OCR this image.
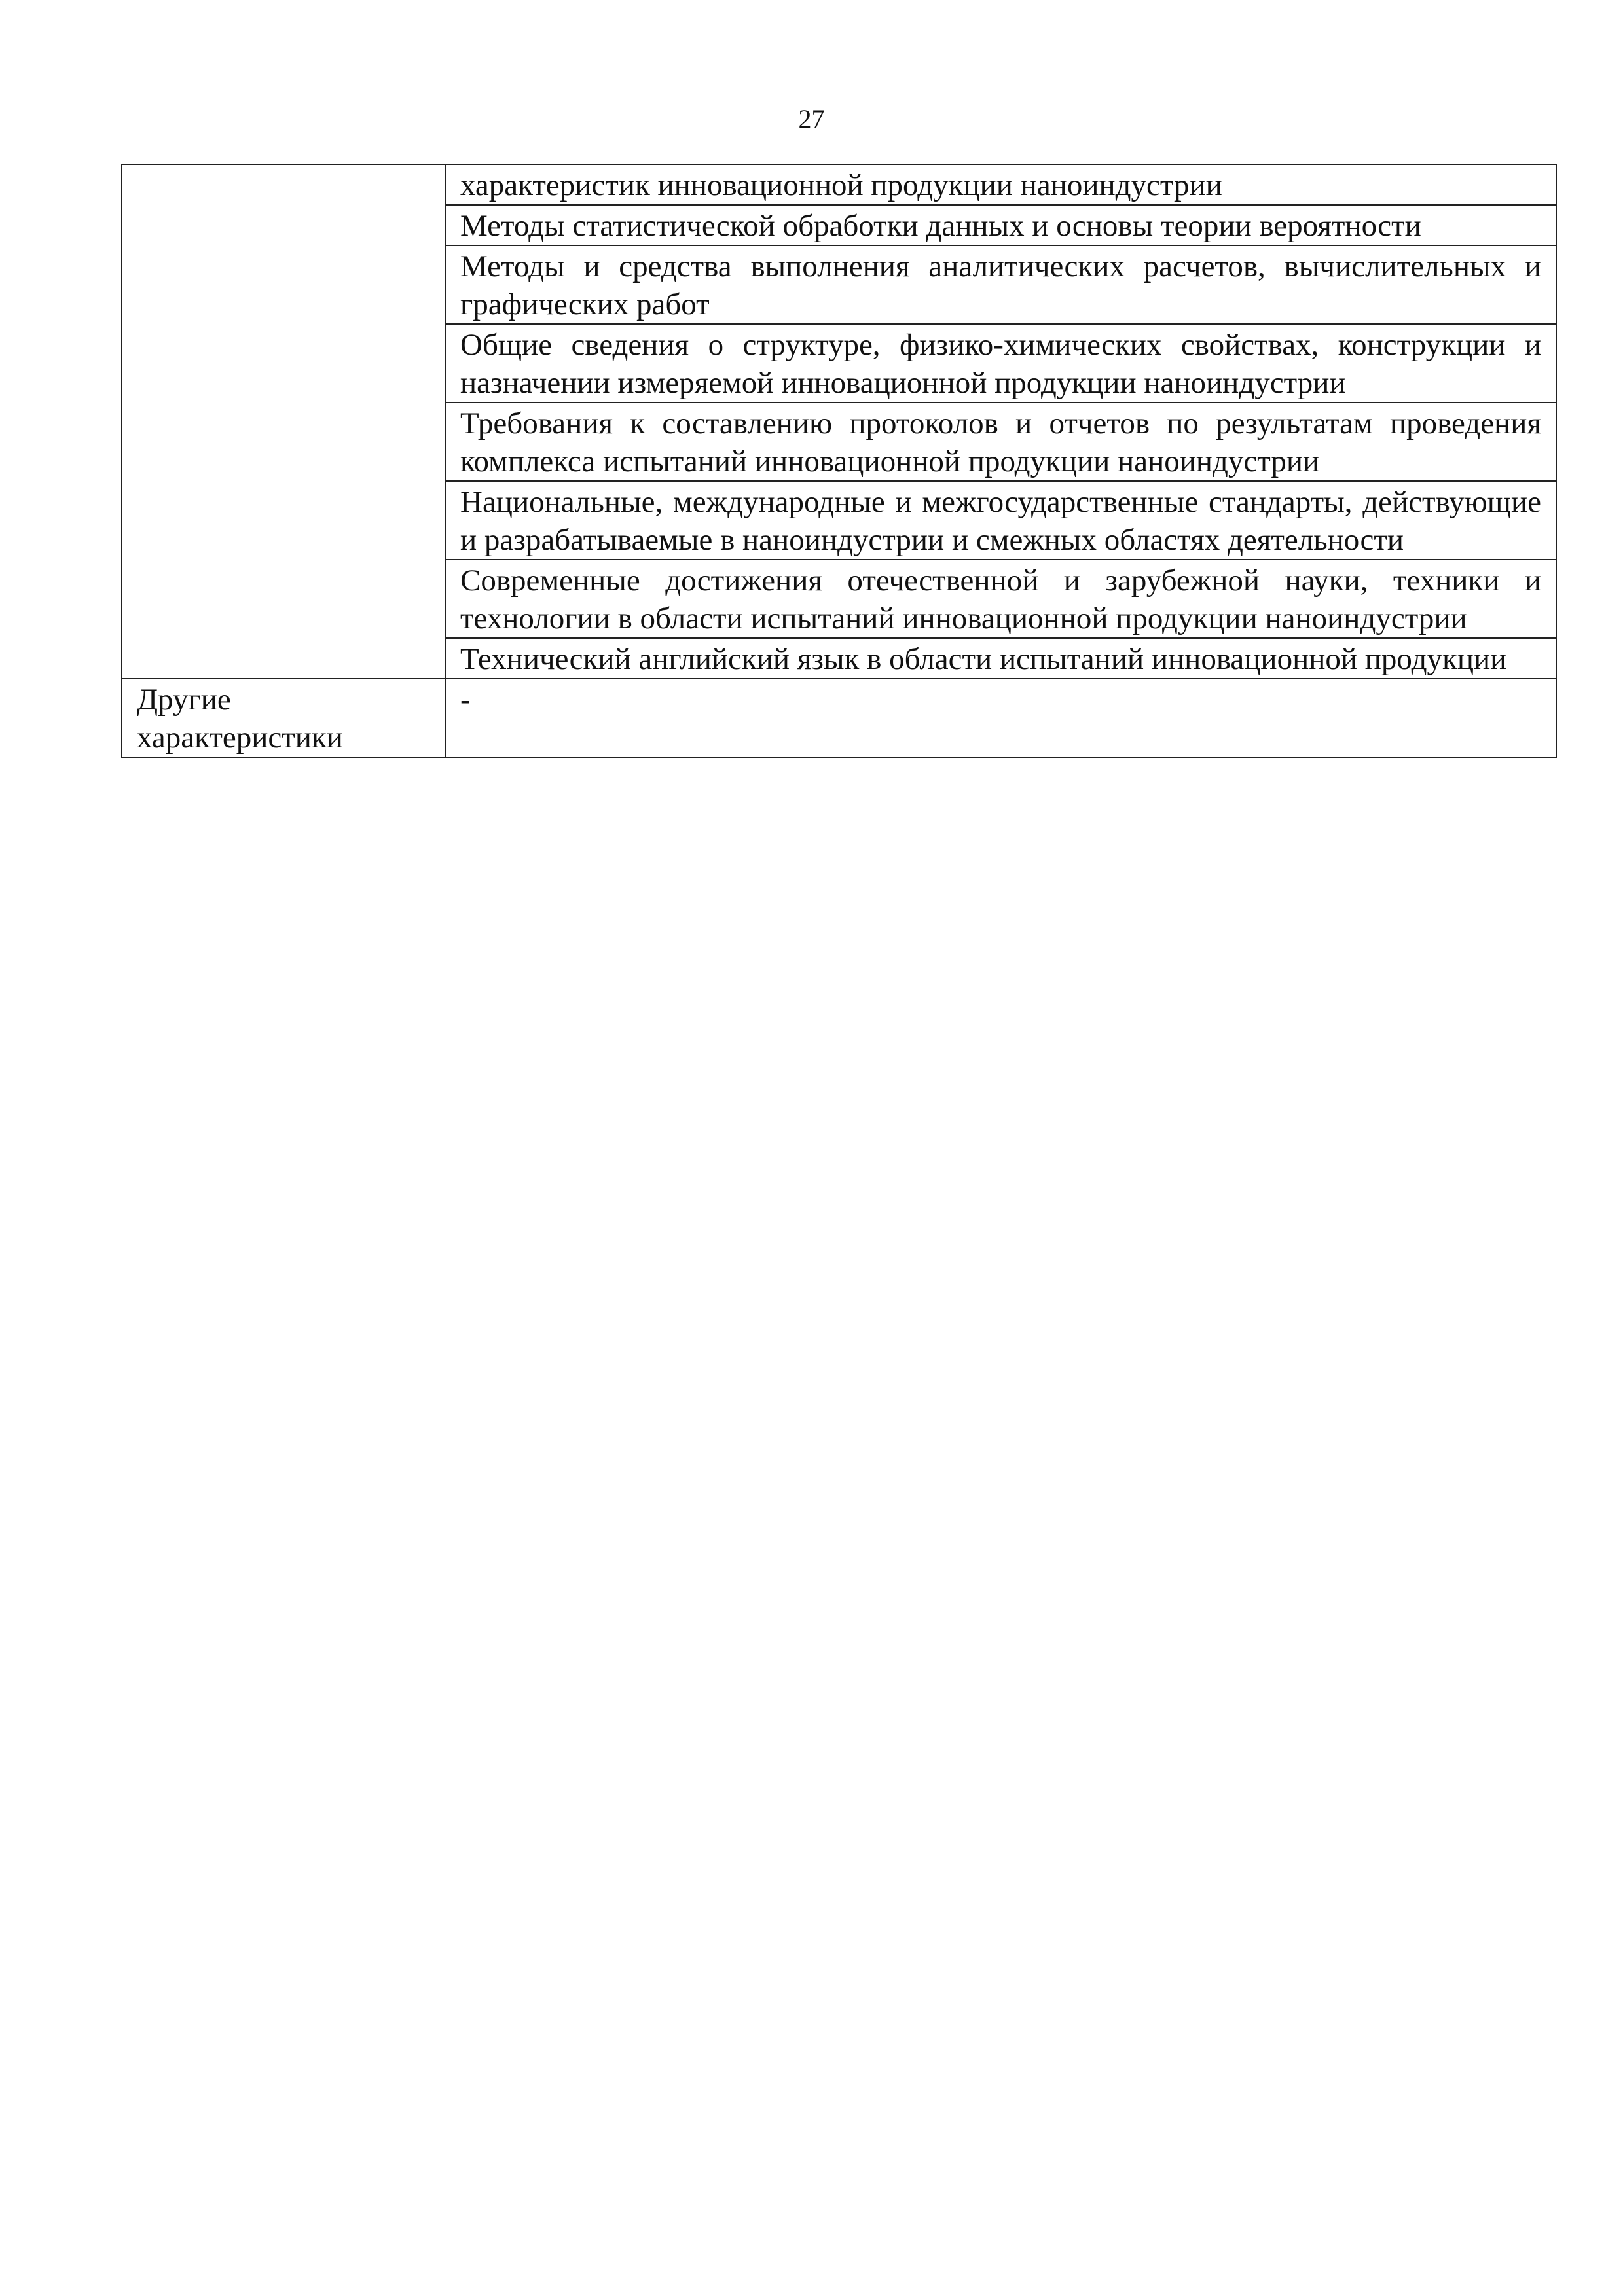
27
	характеристик инновационной продукции наноиндустрии
	Методы статистической обработки данных и основы теории вероятности
	Методы и средства выполнения аналитических расчетов, вычислительных и графических работ
	Общие сведения о структуре, физико-химических свойствах, конструкции и назначении измеряемой инновационной продукции наноиндустрии
	Требования к составлению протоколов и отчетов по результатам проведения комплекса испытаний инновационной продукции наноиндустрии
	Национальные, международные и межгосударственные стандарты, действующие и разрабатываемые в наноиндустрии и смежных областях деятельности
	Современные достижения отечественной и зарубежной науки, техники и технологии в области испытаний инновационной продукции наноиндустрии
	Технический английский язык в области испытаний инновационной продукции

Другие характеристики	-
